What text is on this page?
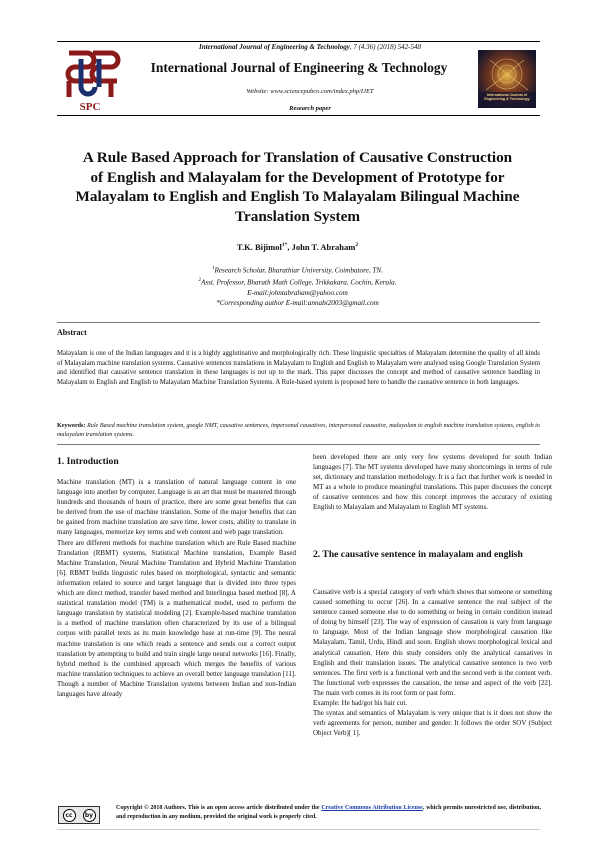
SPC
International Journal of Engineering & Technology, 7 (4.36) (2018) 542-548
International Journal of Engineering & Technology
Website: www.sciencepubco.com/index.php/IJET
Research paper
International Journal of Engineering & Technology
A Rule Based Approach for Translation of Causative Construction of English and Malayalam for the Development of Prototype for Malayalam to English and English To Malayalam Bilingual Machine Translation System
T.K. Bijimol$^{1*}$, John T. Abraham$^2$
$^1$Research Scholar, Bharathiar University, Coimbatore, TN.
$^2$Asst. Professor, Bharath Math College, Trikkakara, Cochin, Kerala.
E-mail:johntabraham@yahoo.com
*Corresponding author E-mail:annabi2003@gmail.com
Abstract
Malayalam is one of the Indian languages and it is a highly agglutinative and morphologically rich. These linguistic specialties of Malayalam determine the quality of all kinds of Malayalam machine translation systems. Causative sentences translations in Malayalam to English and English to Malayalam were analysed using Google Translation System and identified that causative sentence translation in these languages is not up to the mark. This paper discusses the concept and method of causative sentence handling in Malayalam to English and English to Malayalam Machine Translation Systems. A Rule-based system is proposed here to handle the causative sentence in both languages.
Keywords: Rule Based machine translation system, google NMT, causative sentences, impersonal causatives, interpersonal causative, malayalam to english machine translation systems, english to malayalam translation systems.
1. Introduction

Machine translation (MT) is a translation of natural language content in one language into another by computer. Language is an art that must be mastered through hundreds and thousands of hours of practice, there are some great benefits that can be derived from the use of machine translation. Some of the major benefits that can be gained from machine translation are save time, lower costs, ability to translate in many languages, memorize key terms and web content and web page translation.

There are different methods for machine translation which are Rule Based machine Translation (RBMT) systems, Statistical Machine translation, Example Based Machine Translation, Neural Machine Translation and Hybrid Machine Translation [6]. RBMT builds linguistic rules based on morphological, syntactic and semantic information related to source and target language that is divided into three types which are direct method, transfer based method and Interlingua based method [8]. A statistical translation model (TM) is a mathematical model, used to perform the language translation by statistical modeling [2]. Example-based machine translation is a method of machine translation often characterized by its use of a bilingual corpus with parallel texts as its main knowledge base at run-time [9]. The neural machine translation is one which reads a sentence and sends out a correct output translation by attempting to build and train single large neural networks [16]. Finally, hybrid method is the combined approach which merges the benefits of various machine translation techniques to achieve an overall better language translation [11]. Though a number of Machine Translation systems between Indian and non-Indian languages have already

been developed there are only very few systems developed for south Indian languages [7]. The MT systems developed have many shortcomings in terms of rule set, dictionary and translation methodology. It is a fact that further work is needed in MT as a whole to produce meaningful translations. This paper discusses the concept of causative sentences and how this concept improves the accuracy of existing English to Malayalam and Malayalam to English MT systems.

2. The causative sentence in malayalam and english

Causative verb is a special category of verb which shows that someone or something caused something to occur [26]. In a causative sentence the real subject of the sentence caused someone else to do something or being in certain condition instead of doing by himself [23]. The way of expression of causation is vary from language to language. Most of the Indian language show morphological causation like Malayalam, Tamil, Urdu, Hindi and soon. English shows morphological lexical and analytical causation. Here this study considers only the analytical causatives in English and their translation issues. The analytical causative sentence is two verb sentences. The first verb is a functional verb and the second verb is the content verb. The functional verb expresses the causation, the tense and aspect of the verb [22]. The main verb comes in its root form or past form.

Example: He had/got his hair cut.

The syntax and semantics of Malayalam is very unique that is it does not show the verb agreements for person, number and gender. It follows the order SOV (Subject Object Verb)[ 1].

cc	by
Copyright © 2018 Authors. This is an open access article distributed under the Creative Commons Attribution License, which permits unrestricted use, distribution, and reproduction in any medium, provided the original work is properly cited.
